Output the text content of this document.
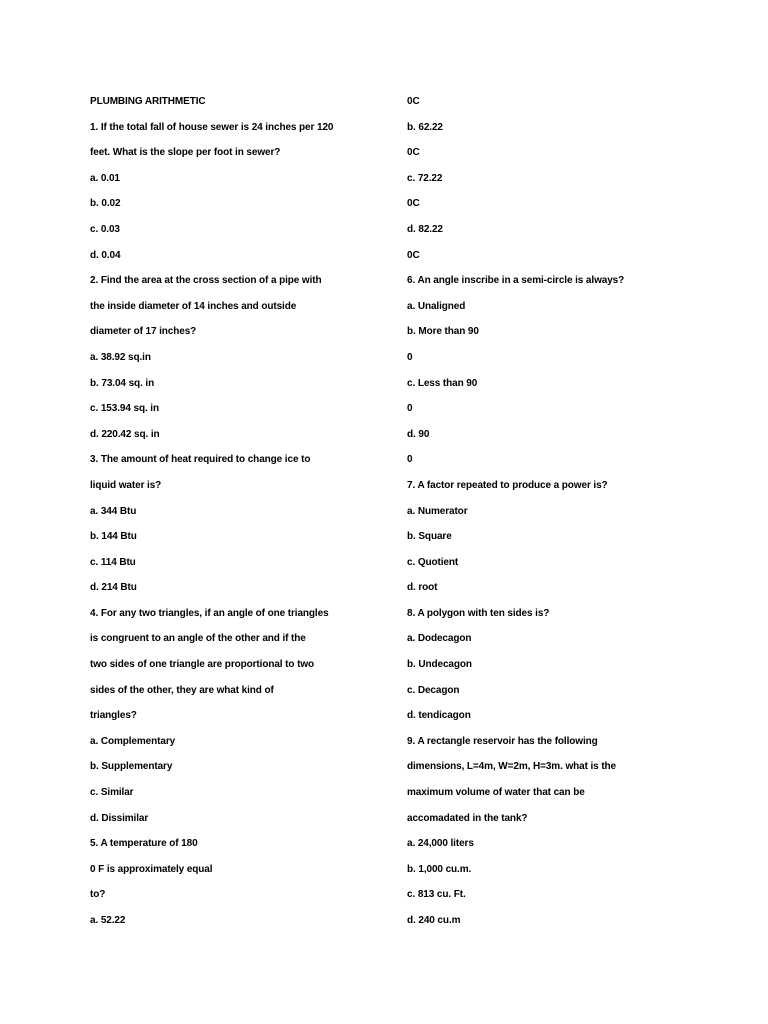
PLUMBING ARITHMETIC
1. If the total fall of house sewer is 24 inches per 120
feet. What is the slope per foot in sewer?
a. 0.01
b. 0.02
c. 0.03
d. 0.04
2. Find the area at the cross section of a pipe with
the inside diameter of 14 inches and outside
diameter of 17 inches?
a. 38.92 sq.in
b. 73.04 sq. in
c. 153.94 sq. in
d. 220.42 sq. in
3. The amount of heat required to change ice to
liquid water is?
a. 344 Btu
b. 144 Btu
c. 114 Btu
d. 214 Btu
4. For any two triangles, if an angle of one triangles
is congruent to an angle of the other and if the
two sides of one triangle are proportional to two
sides of the other, they are what kind of
triangles?
a. Complementary
b. Supplementary
c. Similar
d. Dissimilar
5. A temperature of 180
0 F is approximately equal
to?
a. 52.22
0C
b. 62.22
0C
c. 72.22
0C
d. 82.22
0C
6. An angle inscribe in a semi-circle is always?
a. Unaligned
b. More than 90
0
c. Less than 90
0
d. 90
0
7. A factor repeated to produce a power is?
a. Numerator
b. Square
c. Quotient
d. root
8. A polygon with ten sides is?
a. Dodecagon
b. Undecagon
c. Decagon
d. tendicagon
9. A rectangle reservoir has the following
dimensions, L=4m, W=2m, H=3m. what is the
maximum volume of water that can be
accomadated in the tank?
a. 24,000 liters
b. 1,000 cu.m.
c. 813 cu. Ft.
d. 240 cu.m
